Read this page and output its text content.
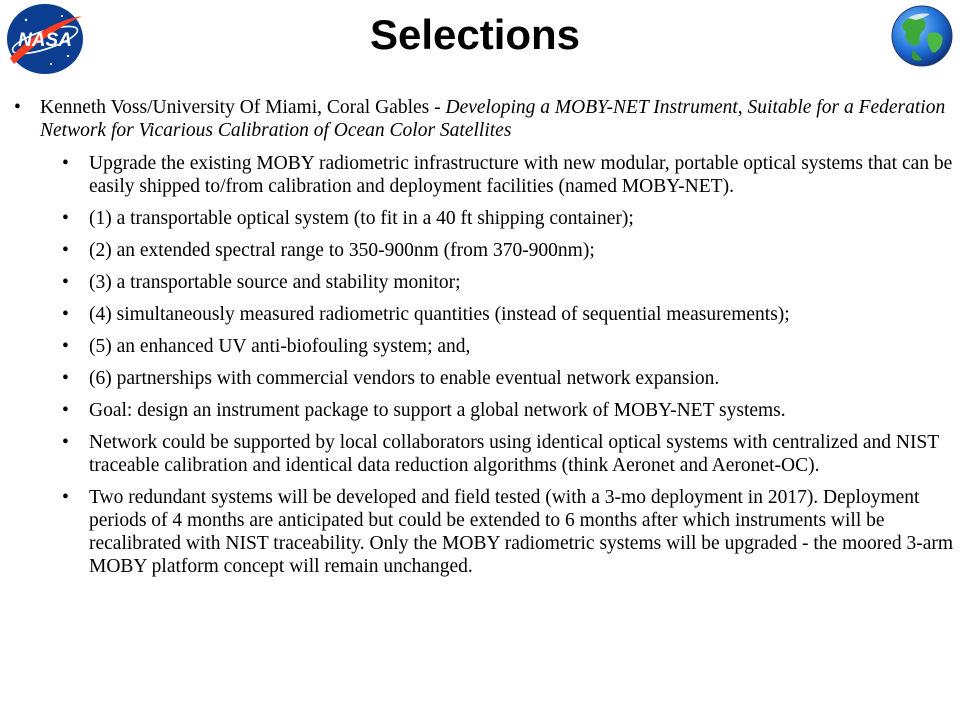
NASA	Selections
• Kenneth Voss/University Of Miami, Coral Gables - Developing a MOBY-NET Instrument, Suitable for a Federation Network for Vicarious Calibration of Ocean Color Satellites
• Upgrade the existing MOBY radiometric infrastructure with new modular, portable optical systems that can be easily shipped to/from calibration and deployment facilities (named MOBY-NET).
• (1) a transportable optical system (to fit in a 40 ft shipping container);
• (2) an extended spectral range to 350-900nm (from 370-900nm);
• (3) a transportable source and stability monitor;
• (4) simultaneously measured radiometric quantities (instead of sequential measurements);
• (5) an enhanced UV anti-biofouling system; and,
• (6) partnerships with commercial vendors to enable eventual network expansion.
• Goal: design an instrument package to support a global network of MOBY-NET systems.
• Network could be supported by local collaborators using identical optical systems with centralized and NIST traceable calibration and identical data reduction algorithms (think Aeronet and Aeronet-OC).
• Two redundant systems will be developed and field tested (with a 3-mo deployment in 2017). Deployment periods of 4 months are anticipated but could be extended to 6 months after which instruments will be recalibrated with NIST traceability. Only the MOBY radiometric systems will be upgraded - the moored 3-arm MOBY platform concept will remain unchanged.
